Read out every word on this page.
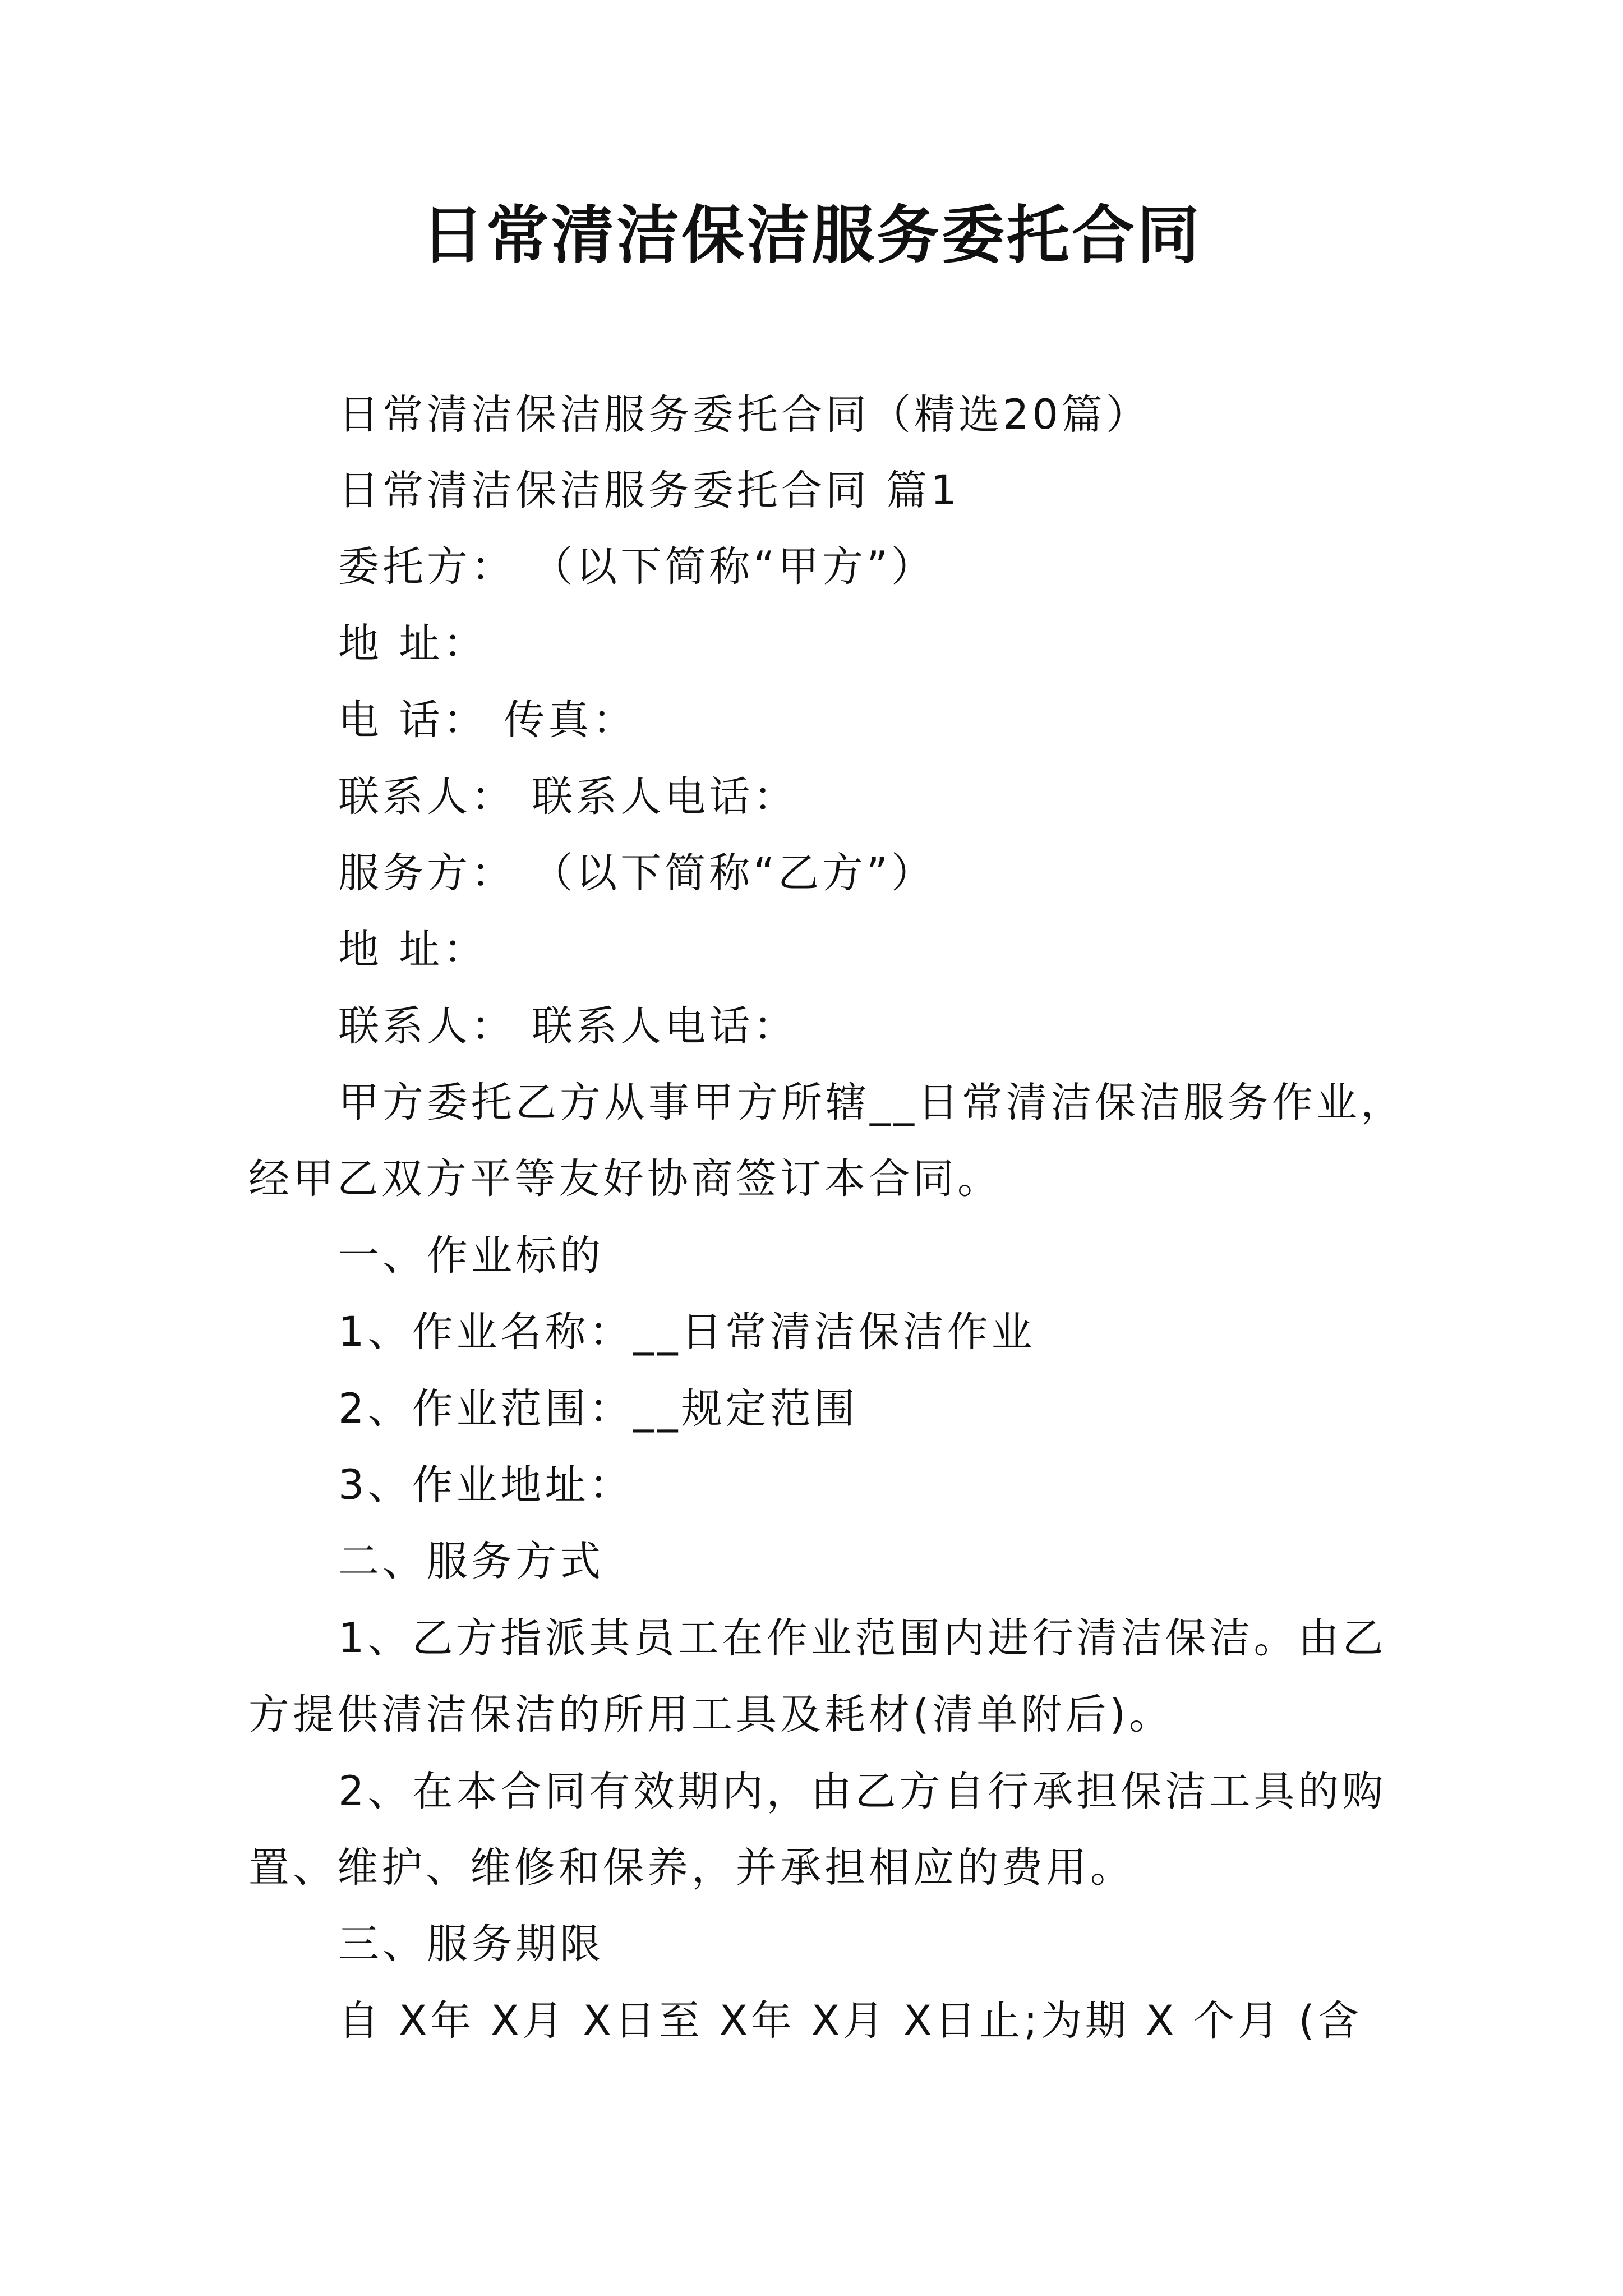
日常清洁保洁服务委托合同
日常清洁保洁服务委托合同（精选20篇）
日常清洁保洁服务委托合同 篇1
委托方： （以下简称“甲方”）
地 址：
电 话： 传真：
联系人： 联系人电话：
服务方： （以下简称“乙方”）
地 址：
联系人： 联系人电话：
甲方委托乙方从事甲方所辖__日常清洁保洁服务作业，
经甲乙双方平等友好协商签订本合同。
一、作业标的
1、作业名称：__日常清洁保洁作业
2、作业范围：__规定范围
3、作业地址：
二、服务方式
1、乙方指派其员工在作业范围内进行清洁保洁。由乙
方提供清洁保洁的所用工具及耗材(清单附后)。
2、在本合同有效期内，由乙方自行承担保洁工具的购
置、维护、维修和保养，并承担相应的费用。
三、服务期限
自 X年 X月 X日至 X年 X月 X日止;为期 X 个月 (含
